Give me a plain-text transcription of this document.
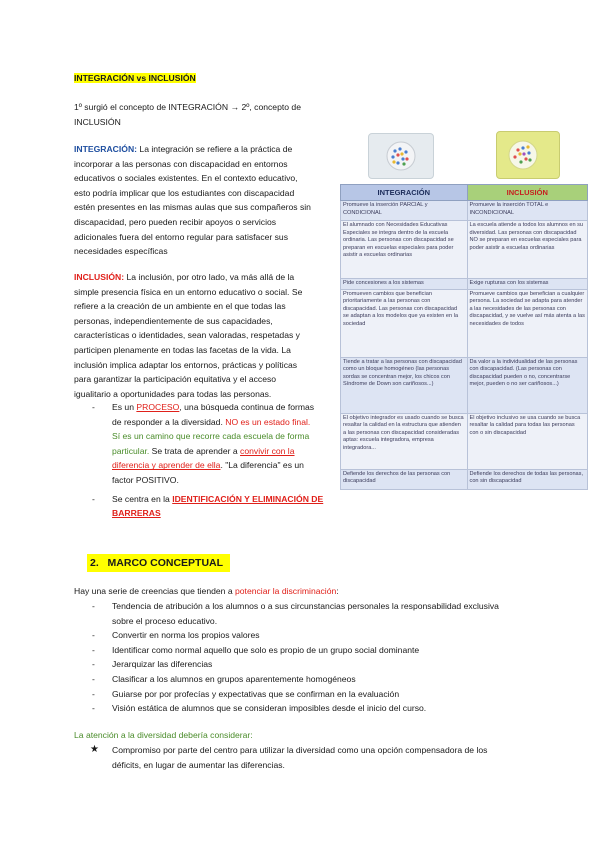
INTEGRACIÓN vs INCLUSIÓN
1º surgió el concepto de INTEGRACIÓN → 2º, concepto de
INCLUSIÓN
INTEGRACIÓN: La integración se refiere a la práctica de
incorporar a las personas con discapacidad en entornos
educativos o sociales existentes. En el contexto educativo,
esto podría implicar que los estudiantes con discapacidad
estén presentes en las mismas aulas que sus compañeros sin
discapacidad, pero pueden recibir apoyos o servicios
adicionales fuera del entorno regular para satisfacer sus
necesidades específicas
INCLUSIÓN: La inclusión, por otro lado, va más allá de la
simple presencia física en un entorno educativo o social. Se
refiere a la creación de un ambiente en el que todas las
personas, independientemente de sus capacidades,
características o identidades, sean valoradas, respetadas y
participen plenamente en todas las facetas de la vida. La
inclusión implica adaptar los entornos, prácticas y políticas
para garantizar la participación equitativa y el acceso
igualitario a oportunidades para todas las personas.
- Es un PROCESO, una búsqueda continua de formas
de responder a la diversidad. NO es un estado final.
Sí es un camino que recorre cada escuela de forma
particular. Se trata de aprender a convivir con la
diferencia y aprender de ella. "La diferencia" es un
factor POSITIVO.
- Se centra en la IDENTIFICACIÓN Y ELIMINACIÓN DE
BARRERAS
INTEGRACIÓN	INCLUSIÓN
Promueve la inserción PARCIAL y CONDICIONAL	Promueve la inserción TOTAL e INCONDICIONAL
El alumnado con Necesidades Educativas Especiales se integra dentro de la escuela ordinaria. Las personas con discapacidad se preparan en escuelas especiales para poder asistir a escuelas ordinarias	La escuela atiende a todos los alumnos en su diversidad. Las personas con discapacidad NO se preparan en escuelas especiales para poder asistir a escuelas ordinarias
Pide concesiones a los sistemas	Exige rupturas con los sistemas
Promueven cambios que benefician prioritariamente a las personas con discapacidad. Las personas con discapacidad se adaptan a los modelos que ya existen en la sociedad	Promueve cambios que benefician a cualquier persona. La sociedad se adapta para atender a las necesidades de las personas con discapacidad, y se vuelve así más atenta a las necesidades de todos
Tiende a tratar a las personas con discapacidad como un bloque homogéneo (las personas sordas se concentran mejor, los chicos con Síndrome de Down son cariñosos...)	Da valor a la individualidad de las personas con discapacidad. (Las personas con discapacidad pueden o no, concentrarse mejor, pueden o no ser cariñosos...)
El objetivo integrador es usado cuando se busca resaltar la calidad en la estructura que atienden a las personas con discapacidad consideradas aptas: escuela integradora, empresa integradora...	El objetivo inclusivo se usa cuando se busca resaltar la calidad para todas las personas con o sin discapacidad
Defiende los derechos de las personas con discapacidad	Defiende los derechos de todas las personas, con sin discapacidad
2. MARCO CONCEPTUAL
Hay una serie de creencias que tienden a potenciar la discriminación:
- Tendencia de atribución a los alumnos o a sus circunstancias personales la responsabilidad exclusiva
sobre el proceso educativo.
- Convertir en norma los propios valores
- Identificar como normal aquello que solo es propio de un grupo social dominante
- Jerarquizar las diferencias
- Clasificar a los alumnos en grupos aparentemente homogéneos
- Guiarse por por profecías y expectativas que se confirman en la evaluación
- Visión estática de alumnos que se consideran imposibles desde el inicio del curso.
La atención a la diversidad debería considerar:
★ Compromiso por parte del centro para utilizar la diversidad como una opción compensadora de los
déficits, en lugar de aumentar las diferencias.
